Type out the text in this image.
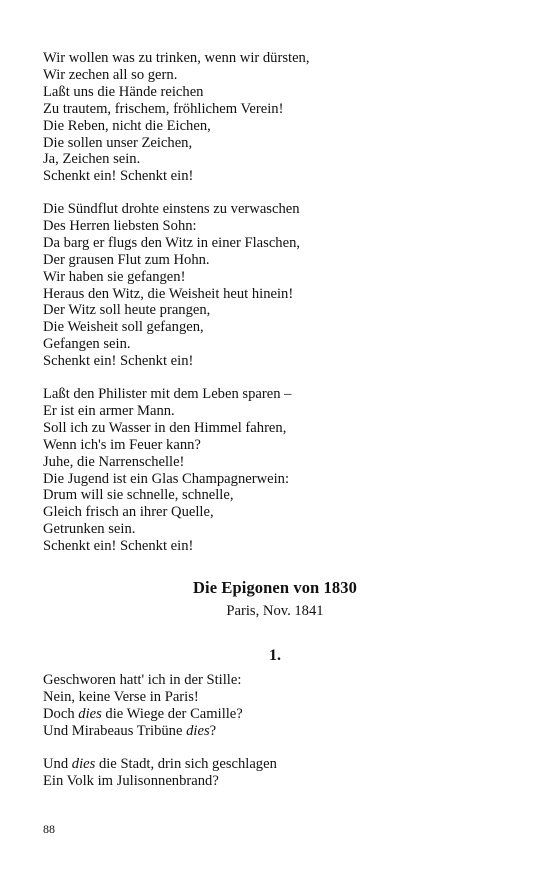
Wir wollen was zu trinken, wenn wir dürsten,
Wir zechen all so gern.
Laßt uns die Hände reichen
Zu trautem, frischem, fröhlichem Verein!
Die Reben, nicht die Eichen,
Die sollen unser Zeichen,
Ja, Zeichen sein.
Schenkt ein! Schenkt ein!
Die Sündflut drohte einstens zu verwaschen
Des Herren liebsten Sohn:
Da barg er flugs den Witz in einer Flaschen,
Der grausen Flut zum Hohn.
Wir haben sie gefangen!
Heraus den Witz, die Weisheit heut hinein!
Der Witz soll heute prangen,
Die Weisheit soll gefangen,
Gefangen sein.
Schenkt ein! Schenkt ein!
Laßt den Philister mit dem Leben sparen –
Er ist ein armer Mann.
Soll ich zu Wasser in den Himmel fahren,
Wenn ich's im Feuer kann?
Juhe, die Narrenschelle!
Die Jugend ist ein Glas Champagnerwein:
Drum will sie schnelle, schnelle,
Gleich frisch an ihrer Quelle,
Getrunken sein.
Schenkt ein! Schenkt ein!
Die Epigonen von 1830
Paris, Nov. 1841
1.
Geschworen hatt' ich in der Stille:
Nein, keine Verse in Paris!
Doch dies die Wiege der Camille?
Und Mirabeaus Tribüne dies?
Und dies die Stadt, drin sich geschlagen
Ein Volk im Julisonnenbrand?
88
